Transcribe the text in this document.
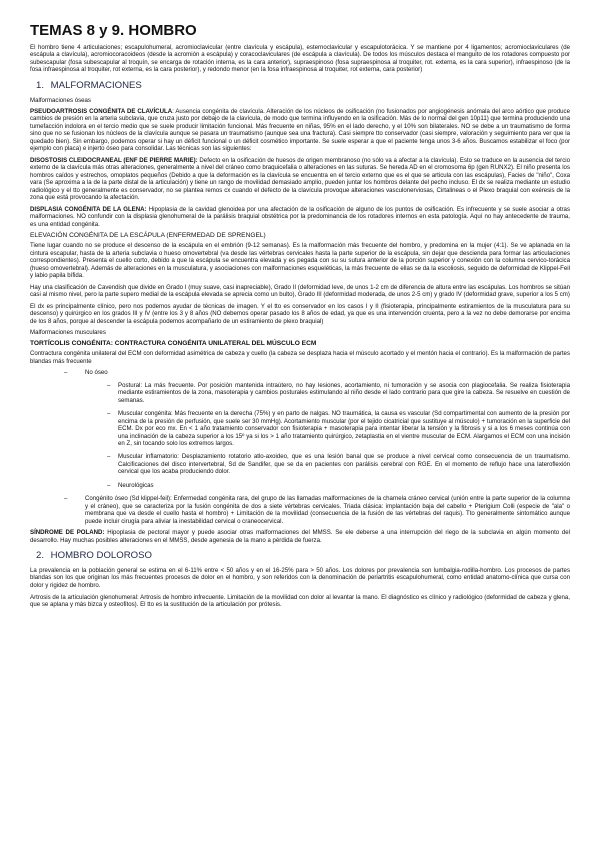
TEMAS 8 y 9. HOMBRO

El hombro tiene 4 articulaciones; escapulohumeral, acromioclavicular (entre clavícula y escápula), esternoclavicular y escapulotorácica. Y se mantiene por 4 ligamentos; acromioclaviculares (de escápula a clavícula), acromiocoracoideos (desde la acromión a escápula) y coracoclaviculares (de escápula a clavícula). De todos los músculos destaca el manguito de los rotadores compuesto por subescapular (fosa subescapular al troquín, se encarga de rotación interna, es la cara anterior), supraespinoso (fosa supraespinosa al troquiter, rot. externa, es la cara superior), infraespinoso (de la fosa infraespinosa al troquiter, rot externa, es la cara posterior), y redondo menor (en la fosa infraespinosa al troquiter, rot externa, cara posterior)

1. MALFORMACIONES
Malformaciones óseas

PSEUDOARTROSIS CONGÉNITA DE CLAVÍCULA: Ausencia congénita de clavícula. Alteración de los núcleos de osificación (no fusionados por angiogénesis anómala del arco aórtico que produce cambios de presión en la arteria subclavia, que cruza justo por debajo de la clavícula, de modo que termina influyendo en la osificación. Más de lo normal del gen 10p11) que termina produciendo una tumefacción indolora en el tercio medio que se suele producir limitación funcional. Más frecuente en niñas, 95% en el lado derecho, y el 10% son bilaterales. NO se debe a un traumatismo de forma sino que no se fusionan los núcleos de la clavícula aunque se pasara un traumatismo (aunque sea una fractura). Casi siempre tto conservador (casi siempre, valoración y seguimiento para ver que la quedado bien). Sin embargo, podemos operar si hay un déficit funcional o un déficit cosmético importante. Se suele esperar a que el paciente tenga unos 3-6 años. Buscamos estabilizar el foco (por ejemplo con placa) e injerto óseo para consolidar. Las técnicas son las siguientes:

DISOSTOSIS CLEIDOCRANEAL (ENF DE PIERRE MARIE): Defecto en la osificación de huesos de origen membranoso (no sólo va a afectar a la clavícula). Esto se traduce en la ausencia del tercio externo de la clavícula más otras alteraciones, generalmente a nivel del cráneo como braquicefalia o alteraciones en las suturas. Se hereda AD en el cromosoma 6p (gen RUNX2). El niño presenta los hombros caídos y estrechos, omoplatos pequeños (Debido a que la deformación es la clavícula se encuentra en el tercio externo que es el que se articula con las escápulas), Facies de "niño", Coxa vara (Se aproxima a la de la parte distal de la articulación) y tiene un rango de movilidad demasiado amplio, pueden juntar los hombros delante del pecho incluso. El dx se realiza mediante un estudio radiológico y el tto generalmente es conservador, no se plantea remos cx cuando el defecto de la clavícula provoque alteraciones vasculonerviosas, Cirtalineas o el Plexo braquial con exéresis de la zona que está provocando la afectación.

DISPLASIA CONGÉNITA DE LA GLENA: Hipoplasia de la cavidad glenoidea por una afectación de la osificación de alguno de los puntos de osificación. Es infrecuente y se suele asociar a otras malformaciones. NO confundir con la displasia glenohumeral de la parálisis braquial obstétrica por la predominancia de los rotadores internos en esta patología. Aquí no hay antecedente de trauma, es una entidad congénita.

ELEVACIÓN CONGÉNITA DE LA ESCÁPULA (ENFERMEDAD DE SPRENGEL)

Tiene lugar cuando no se produce el descenso de la escápula en el embrión (9-12 semanas). Es la malformación más frecuente del hombro, y predomina en la mujer (4:1). Se ve aplanada en la cintura escapular, hasta de la arteria subclavia o hueso omovertebral (va desde las vértebras cervicales hasta la parte superior de la escápula, sin dejar que descienda para formar las articulaciones correspondientes). Presenta el cuello corto, debido a que la escápula se encuentra elevada y es pegada con su su sutura anterior de la porción superior y conexión con la columna cervico-torácica (hueso omovertebral). Además de alteraciones en la musculatura, y asociaciones con malformaciones esqueléticas, la más frecuente de ellas se da la escoliosis, seguido de deformidad de Klippel-Feil y labio papila bífida.

Hay una clasificación de Cavendish que divide en Grado I (muy suave, casi inapreciable), Grado II (deformidad leve, de unos 1-2 cm de diferencia de altura entre las escápulas. Los hombros se sitúan casi al mismo nivel, pero la parte supero medial de la escápula elevada se aprecia como un bulto), Grado III (deformidad moderada, de unos 2-5 cm) y grado IV (deformidad grave, superior a los 5 cm)

El dx es principalmente clínico, pero nos podemos ayudar de técnicas de imagen. Y el tto es conservador en los casos I y II (fisioterapia, principalmente estiramientos de la musculatura para su descenso) y quirúrgico en los grados III y IV (entre los 3 y 8 años (NO debemos operar pasado los 8 años de edad, ya que es una intervención cruenta, pero a la vez no debe demorarse por encima de los 8 años, porque al descender la escápula podemos acompañarlo de un estiramiento de plexo braquial)

Malformaciones musculares
TORTÍCOLIS CONGÉNITA: CONTRACTURA CONGÉNITA UNILATERAL DEL MÚSCULO ECM

Contractura congénita unilateral del ECM con deformidad asimétrica de cabeza y cuello (la cabeza se desplaza hacia el músculo acortado y el mentón hacia el contrario). Es la malformación de partes blandas más frecuente

–	No óseo
– Postural: La más frecuente. Por posición mantenida intraútero, no hay lesiones, acortamiento, ni tumoración y se asocia con plagiocefalia. Se realiza fisioterapia mediante estiramientos de la zona, masoterapia y cambios posturales estimulando al niño desde el lado contrario para que gire la cabeza. Se resuelve en cuestión de semanas.
– Muscular congénita: Más frecuente en la derecha (75%) y en parto de nalgas. NO traumática, la causa es vascular (Sd compartimental con aumento de la presión por encima de la presión de perfusión, que suele ser 30 mmHg). Acortamiento muscular (por el tejido cicatricial que sustituye al músculo) + tumoración en la superficie del ECM. Dx por eco mx. En < 1 año tratamiento conservador con fisioterapia + masoterapia para intentar liberar la tensión y la fibrosis y si a los 6 meses continúa con una inclinación de la cabeza superior a los 15º ya si los > 1 año tratamiento quirúrgico, zetaplastia en el vientre muscular de ECM. Alargamos el ECM con una incisión en Z, sin tocando solo los extremos largos.
– Muscular inflamatorio: Desplazamiento rotatorio atlo-axoideo, que es una lesión banal que se produce a nivel cervical como consecuencia de un traumatismo. Calcificaciones del disco intervertebral, Sd de Sandifer, que se da en pacientes con parálisis cerebral con RGE. En el momento de reflujo hace una lateroflexión cervical que los acaba produciendo dolor.
– Neurológicas
–	Congénito óseo (Sd klippel-feil): Enfermedad congénita rara, del grupo de las llamadas malformaciones de la charnela cráneo cervical (unión entre la parte superior de la columna y el cráneo), que se caracteriza por la fusión congénita de dos a siete vértebras cervicales. Triada clásica: implantación baja del cabello + Pterigium Colli (especie de "ala" o membrana que va desde el cuello hasta el hombro) + Limitación de la movilidad (consecuencia de la fusión de las vértebras del raquis). Tto generalmente sintomático aunque puede incluir cirugía para aliviar la inestabilidad cervical o craneocervical.

SÍNDROME DE POLAND: Hipoplasia de pectoral mayor y puede asociar otras malformaciones del MMSS. Se ele deberse a una interrupción del riego de la subclavia en algún momento del desarrollo. Hay muchas posibles alteraciones en el MMSS, desde agenesia de la mano a pérdida de fuerza.

2. HOMBRO DOLOROSO

La prevalencia en la población general se estima en el 6-11% entre < 50 años y en el 16-25% para > 50 años. Los dolores por prevalencia son lumbalgia-rodilla-hombro. Los procesos de partes blandas son los que originan los más frecuentes procesos de dolor en el hombro, y son referidos con la denominación de periartritis escapulohumeral, como entidad anatomo-clínica que cursa con dolor y rigidez de hombro.

Artrosis de la articulación glenohumeral: Artrosis de hombro infrecuente. Limitación de la movilidad con dolor al levantar la mano. El diagnóstico es clínico y radiológico (deformidad de cabeza y glena, que se aplana y más bizca y osteofitos). El tto es la sustitución de la articulación por prótesis.
